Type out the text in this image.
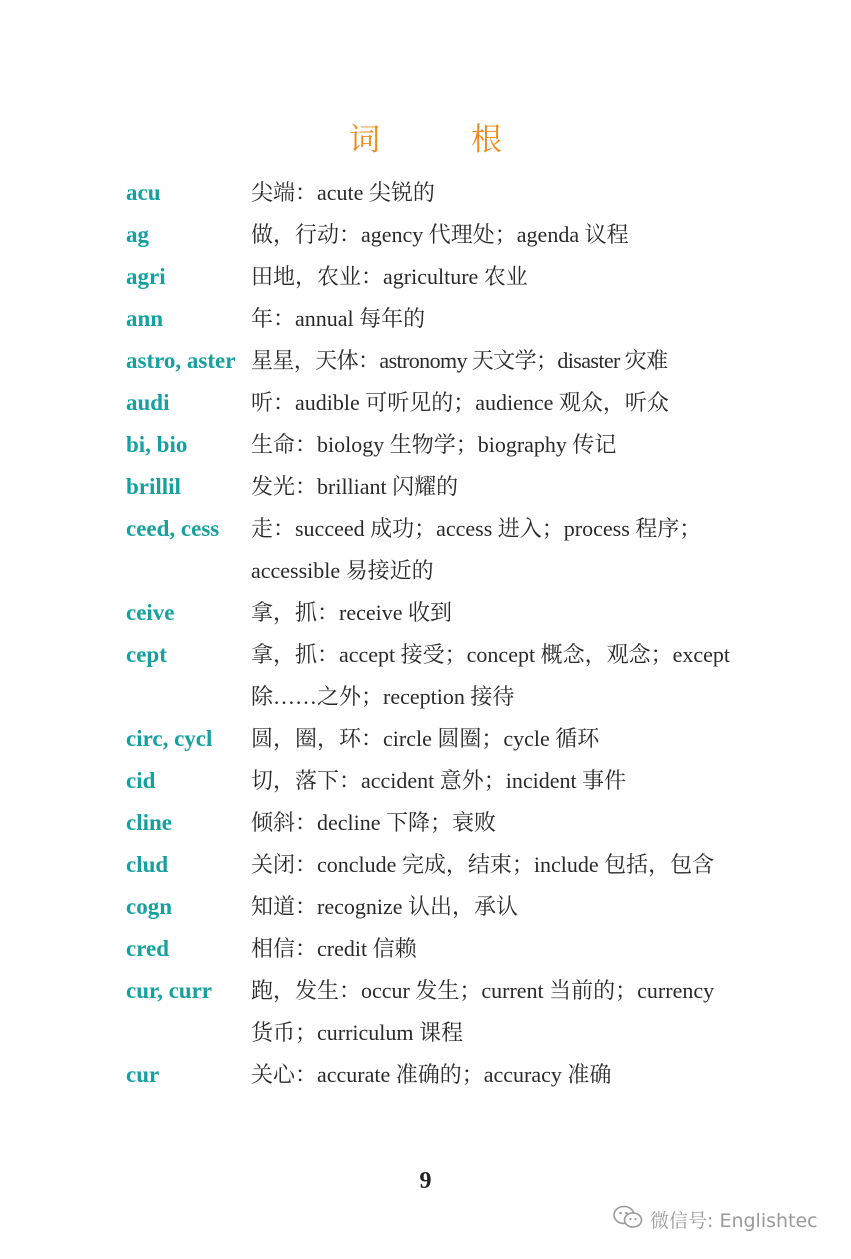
词　根
acu	尖端：acute 尖锐的
ag	做，行动：agency 代理处；agenda 议程
agri	田地，农业：agriculture 农业
ann	年：annual 每年的
astro, aster 星星，天体：astronomy 天文学；disaster 灾难
audi	听：audible 可听见的；audience 观众，听众
bi, bio	生命：biology 生物学；biography 传记
brillil	发光：brilliant 闪耀的
ceed, cess	走：succeed 成功；access 进入；process 程序；accessible 易接近的
ceive	拿，抓：receive 收到
cept	拿，抓：accept 接受；concept 概念，观念；except 除……之外；reception 接待
circ, cycl	圆，圈，环：circle 圆圈；cycle 循环
cid	切，落下：accident 意外；incident 事件
cline	倾斜：decline 下降；衰败
clud	关闭：conclude 完成，结束；include 包括，包含
cogn	知道：recognize 认出，承认
cred	相信：credit 信赖
cur, curr	跑，发生：occur 发生；current 当前的；currency 货币；curriculum 课程
cur	关心：accurate 准确的；accuracy 准确
9
微信号: Englishtec
